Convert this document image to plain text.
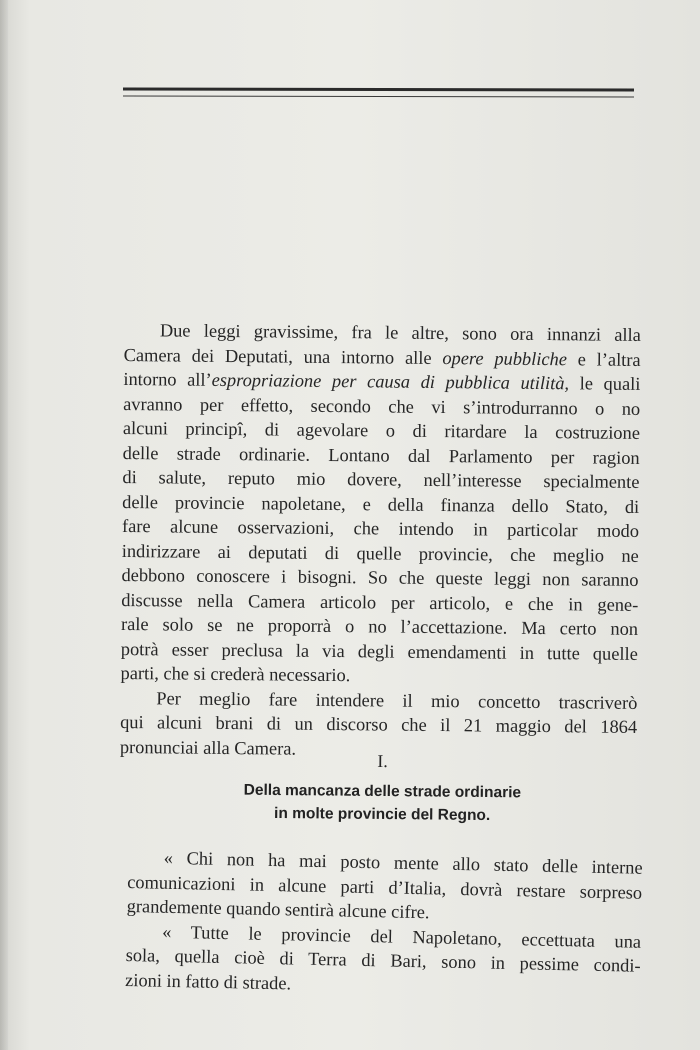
Due leggi gravissime, fra le altre, sono ora innanzi alla
Camera dei Deputati, una intorno alle opere pubbliche e l’altra
intorno all’espropriazione per causa di pubblica utilità, le quali
avranno per effetto, secondo che vi s’introdurranno o no
alcuni principî, di agevolare o di ritardare la costruzione
delle strade ordinarie. Lontano dal Parlamento per ragion
di salute, reputo mio dovere, nell’interesse specialmente
delle provincie napoletane, e della finanza dello Stato, di
fare alcune osservazioni, che intendo in particolar modo
indirizzare ai deputati di quelle provincie, che meglio ne
debbono conoscere i bisogni. So che queste leggi non saranno
discusse nella Camera articolo per articolo, e che in gene-
rale solo se ne proporrà o no l’accettazione. Ma certo non
potrà esser preclusa la via degli emendamenti in tutte quelle
parti, che si crederà necessario.
Per meglio fare intendere il mio concetto trascriverò
qui alcuni brani di un discorso che il 21 maggio del 1864
pronunciai alla Camera.
I.
Della mancanza delle strade ordinarie
in molte provincie del Regno.
« Chi non ha mai posto mente allo stato delle interne
comunicazioni in alcune parti d’Italia, dovrà restare sorpreso
grandemente quando sentirà alcune cifre.
« Tutte le provincie del Napoletano, eccettuata una
sola, quella cioè di Terra di Bari, sono in pessime condi-
zioni in fatto di strade.
